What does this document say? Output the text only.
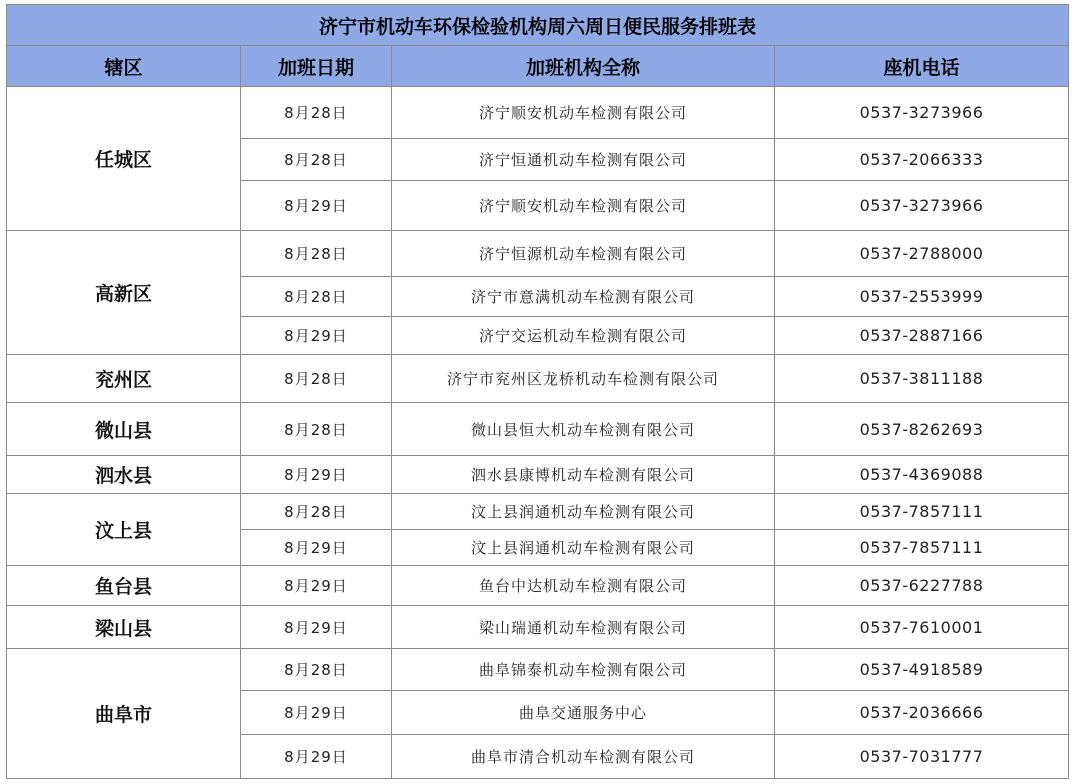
济宁市机动车环保检验机构周六周日便民服务排班表			
辖区	加班日期	加班机构全称	座机电话
任城区	8月28日	济宁顺安机动车检测有限公司	0537-3273966
	8月28日	济宁恒通机动车检测有限公司	0537-2066333
	8月29日	济宁顺安机动车检测有限公司	0537-3273966
高新区	8月28日	济宁恒源机动车检测有限公司	0537-2788000
	8月28日	济宁市意满机动车检测有限公司	0537-2553999
	8月29日	济宁交运机动车检测有限公司	0537-2887166
兖州区	8月28日	济宁市兖州区龙桥机动车检测有限公司	0537-3811188
微山县	8月28日	微山县恒大机动车检测有限公司	0537-8262693
泗水县	8月29日	泗水县康博机动车检测有限公司	0537-4369088
汶上县	8月28日	汶上县润通机动车检测有限公司	0537-7857111
	8月29日	汶上县润通机动车检测有限公司	0537-7857111
鱼台县	8月29日	鱼台中达机动车检测有限公司	0537-6227788
梁山县	8月29日	梁山瑞通机动车检测有限公司	0537-7610001
曲阜市	8月28日	曲阜锦泰机动车检测有限公司	0537-4918589
	8月29日	曲阜交通服务中心	0537-2036666
	8月29日	曲阜市清合机动车检测有限公司	0537-7031777
